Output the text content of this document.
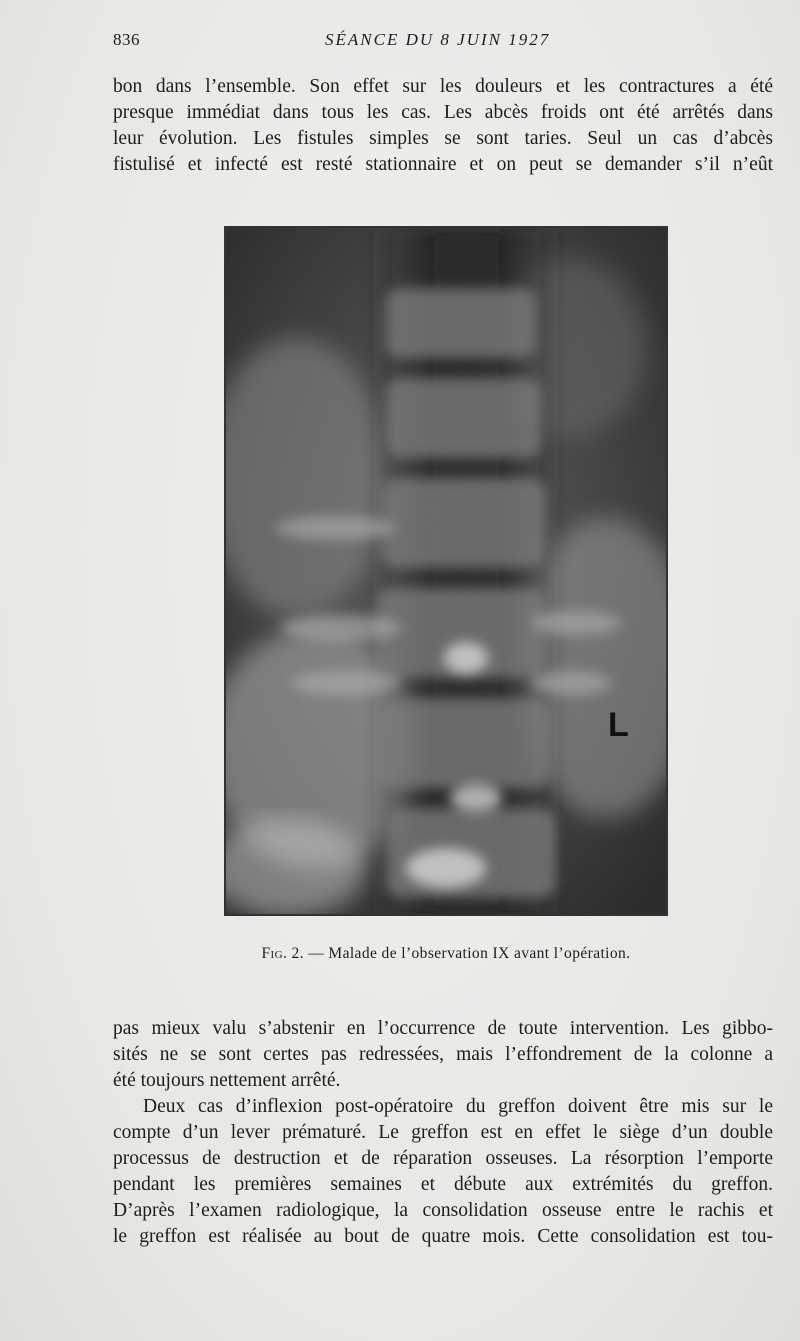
836	SÉANCE DU 8 JUIN 1927
bon dans l’ensemble. Son effet sur les douleurs et les contractures a été
presque immédiat dans tous les cas. Les abcès froids ont été arrêtés dans
leur évolution. Les fistules simples se sont taries. Seul un cas d’abcès
fistulisé et infecté est resté stationnaire et on peut se demander s’il n’eût
L
Fig. 2. — Malade de l’observation IX avant l’opération.
pas mieux valu s’abstenir en l’occurrence de toute intervention. Les gibbo-
sités ne se sont certes pas redressées, mais l’effondrement de la colonne a
été toujours nettement arrêté.
Deux cas d’inflexion post-opératoire du greffon doivent être mis sur le
compte d’un lever prématuré. Le greffon est en effet le siège d’un double
processus de destruction et de réparation osseuses. La résorption l’emporte
pendant les premières semaines et débute aux extrémités du greffon.
D’après l’examen radiologique, la consolidation osseuse entre le rachis et
le greffon est réalisée au bout de quatre mois. Cette consolidation est tou-
